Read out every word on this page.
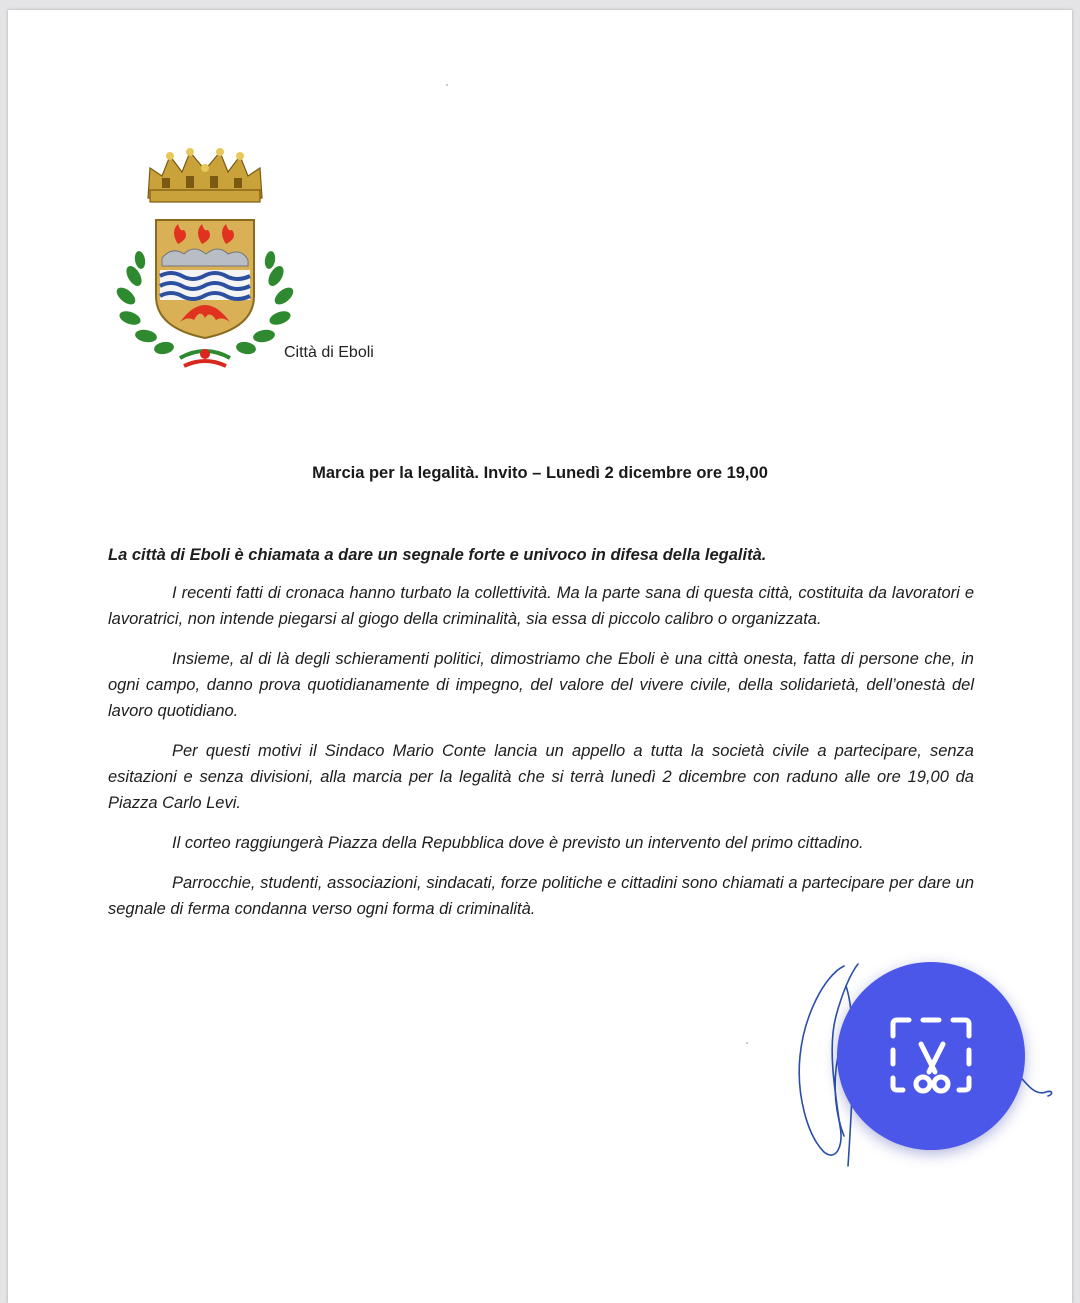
Città di Eboli
Marcia per la legalità. Invito – Lunedì 2 dicembre ore 19,00

La città di Eboli è chiamata a dare un segnale forte e univoco in difesa della legalità.

I recenti fatti di cronaca hanno turbato la collettività. Ma la parte sana di questa città, costituita da lavoratori e lavoratrici, non intende piegarsi al giogo della criminalità, sia essa di piccolo calibro o organizzata.

Insieme, al di là degli schieramenti politici, dimostriamo che Eboli è una città onesta, fatta di persone che, in ogni campo, danno prova quotidianamente di impegno, del valore del vivere civile, della solidarietà, dell’onestà del lavoro quotidiano.

Per questi motivi il Sindaco Mario Conte lancia un appello a tutta la società civile a partecipare, senza esitazioni e senza divisioni, alla marcia per la legalità che si terrà lunedì 2 dicembre con raduno alle ore 19,00 da Piazza Carlo Levi.

Il corteo raggiungerà Piazza della Repubblica dove è previsto un intervento del primo cittadino.

Parrocchie, studenti, associazioni, sindacati, forze politiche e cittadini sono chiamati a partecipare per dare un segnale di ferma condanna verso ogni forma di criminalità.
